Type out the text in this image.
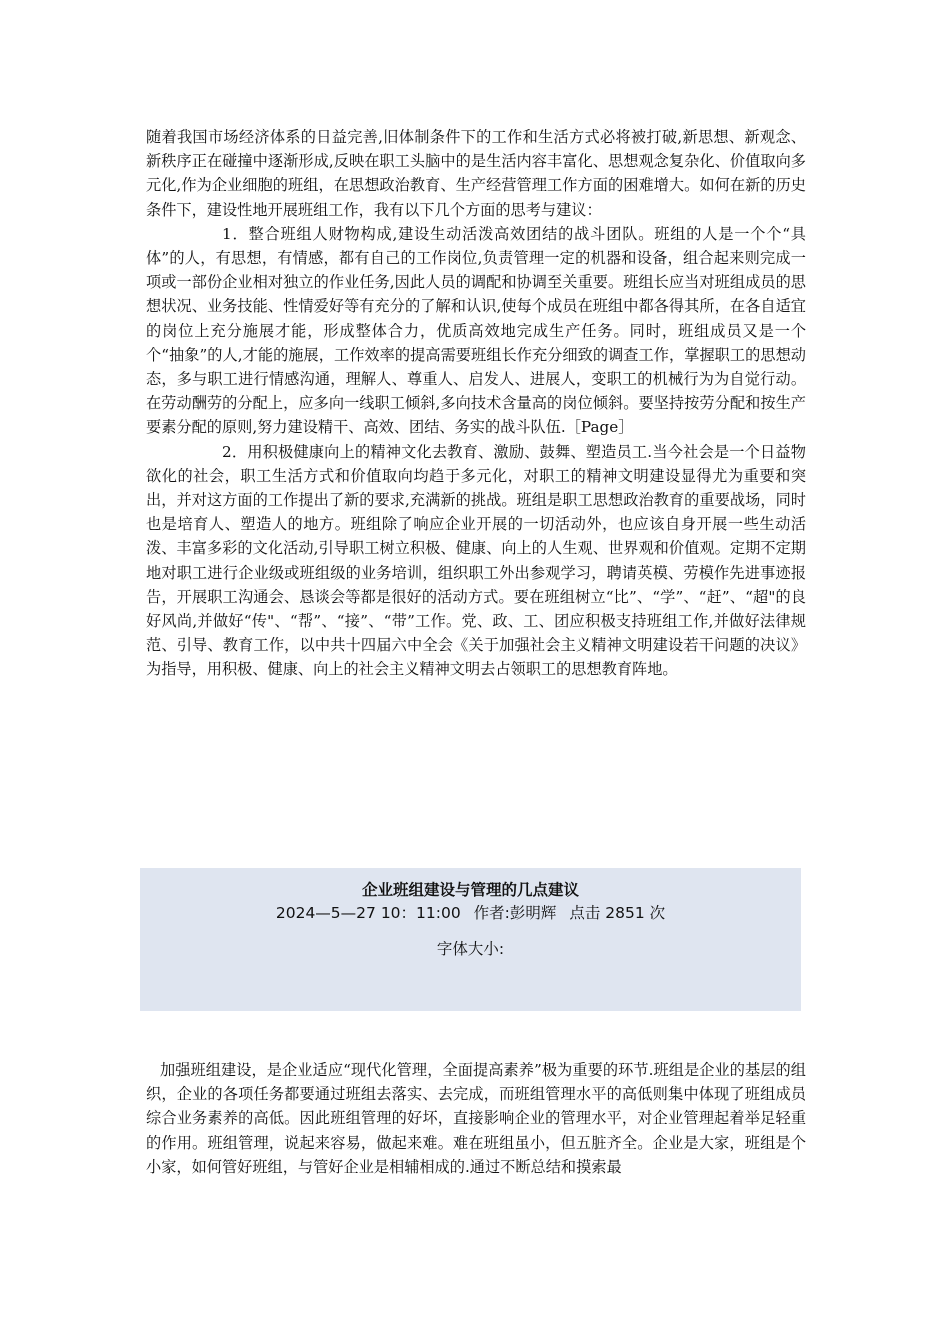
随着我国市场经济体系的日益完善,旧体制条件下的工作和生活方式必将被打破,新思想、新观念、新秩序正在碰撞中逐渐形成,反映在职工头脑中的是生活内容丰富化、思想观念复杂化、价值取向多元化,作为企业细胞的班组，在思想政治教育、生产经营管理工作方面的困难增大。如何在新的历史条件下，建设性地开展班组工作，我有以下几个方面的思考与建议：

1．整合班组人财物构成,建设生动活泼高效团结的战斗团队。班组的人是一个个“具体”的人，有思想，有情感，都有自己的工作岗位,负责管理一定的机器和设备，组合起来则完成一项或一部份企业相对独立的作业任务,因此人员的调配和协调至关重要。班组长应当对班组成员的思想状况、业务技能、性情爱好等有充分的了解和认识,使每个成员在班组中都各得其所，在各自适宜的岗位上充分施展才能，形成整体合力，优质高效地完成生产任务。同时，班组成员又是一个个“抽象”的人,才能的施展，工作效率的提高需要班组长作充分细致的调查工作，掌握职工的思想动态，多与职工进行情感沟通，理解人、尊重人、启发人、进展人，变职工的机械行为为自觉行动。在劳动酬劳的分配上，应多向一线职工倾斜,多向技术含量高的岗位倾斜。要坚持按劳分配和按生产要素分配的原则,努力建设精干、高效、团结、务实的战斗队伍.［Page］

2．用积极健康向上的精神文化去教育、激励、鼓舞、塑造员工.当今社会是一个日益物欲化的社会，职工生活方式和价值取向均趋于多元化，对职工的精神文明建设显得尤为重要和突出，并对这方面的工作提出了新的要求,充满新的挑战。班组是职工思想政治教育的重要战场，同时也是培育人、塑造人的地方。班组除了响应企业开展的一切活动外，也应该自身开展一些生动活泼、丰富多彩的文化活动,引导职工树立积极、健康、向上的人生观、世界观和价值观。定期不定期地对职工进行企业级或班组级的业务培训，组织职工外出参观学习，聘请英模、劳模作先进事迹报告，开展职工沟通会、恳谈会等都是很好的活动方式。要在班组树立“比”、“学”、“赶”、“超"的良好风尚,并做好“传"、“帮”、“接”、“带”工作。党、政、工、团应积极支持班组工作,并做好法律规范、引导、教育工作，以中共十四届六中全会《关于加强社会主义精神文明建设若干问题的决议》为指导，用积极、健康、向上的社会主义精神文明去占领职工的思想教育阵地。

企业班组建设与管理的几点建议
2024—5—27 10：11:00 作者:彭明辉 点击 2851 次
字体大小:

加强班组建设，是企业适应“现代化管理，全面提高素养”极为重要的环节.班组是企业的基层的组织，企业的各项任务都要通过班组去落实、去完成，而班组管理水平的高低则集中体现了班组成员综合业务素养的高低。因此班组管理的好坏，直接影响企业的管理水平，对企业管理起着举足轻重的作用。班组管理，说起来容易，做起来难。难在班组虽小，但五脏齐全。企业是大家，班组是个小家，如何管好班组，与管好企业是相辅相成的.通过不断总结和摸索最
